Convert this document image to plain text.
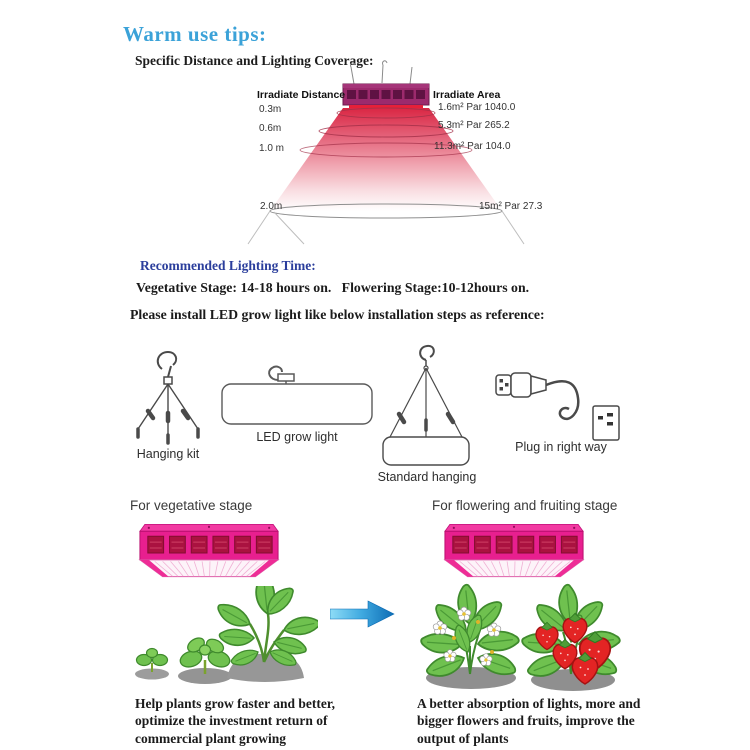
Warm use tips:
Specific Distance and Lighting Coverage:
Irradiate Distance	Irradiate Area
0.3m
0.6m
1.0 m
2.0m
1.6m² Par 1040.0
5.3m² Par 265.2
11.3m² Par 104.0
15m² Par 27.3
Recommended Lighting Time:
Vegetative Stage: 14-18 hours on.   Flowering Stage:10-12hours on.
Please install LED grow light like below installation steps as reference:
Hanging kit
LED grow light
Standard hanging
Plug in right way
For vegetative stage	For flowering and fruiting stage
Help plants grow faster and better, optimize the investment return of commercial plant growing
A better absorption of lights, more and bigger flowers and fruits, improve the output of plants
